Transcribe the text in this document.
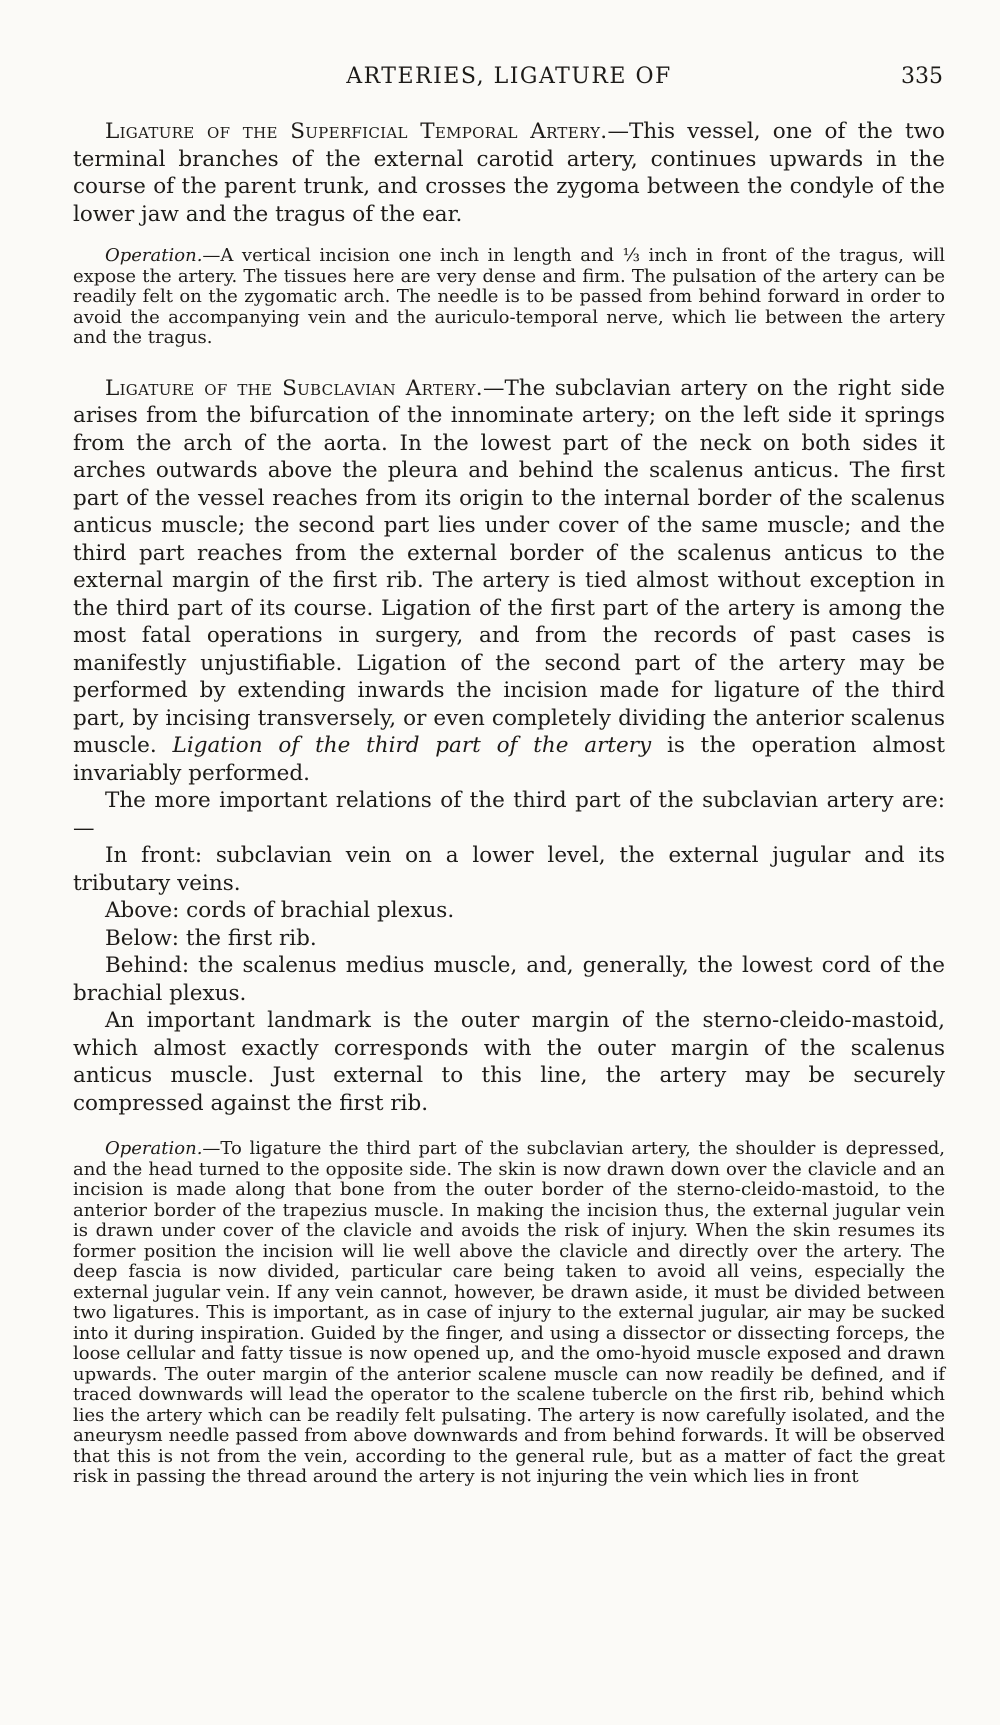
ARTERIES, LIGATURE OF	335

Ligature of the Superficial Temporal Artery.—This vessel, one of the two terminal branches of the external carotid artery, continues upwards in the course of the parent trunk, and crosses the zygoma between the condyle of the lower jaw and the tragus of the ear.

Operation.—A vertical incision one inch in length and ⅓ inch in front of the tragus, will expose the artery. The tissues here are very dense and firm. The pulsation of the artery can be readily felt on the zygomatic arch. The needle is to be passed from behind forward in order to avoid the accompanying vein and the auriculo-temporal nerve, which lie between the artery and the tragus.

Ligature of the Subclavian Artery.—The subclavian artery on the right side arises from the bifurcation of the innominate artery; on the left side it springs from the arch of the aorta. In the lowest part of the neck on both sides it arches outwards above the pleura and behind the scalenus anticus. The first part of the vessel reaches from its origin to the internal border of the scalenus anticus muscle; the second part lies under cover of the same muscle; and the third part reaches from the external border of the scalenus anticus to the external margin of the first rib. The artery is tied almost without exception in the third part of its course. Ligation of the first part of the artery is among the most fatal operations in surgery, and from the records of past cases is manifestly unjustifiable. Ligation of the second part of the artery may be performed by extending inwards the incision made for ligature of the third part, by incising transversely, or even completely dividing the anterior scalenus muscle. Ligation of the third part of the artery is the operation almost invariably performed.

The more important relations of the third part of the subclavian artery are:—

In front: subclavian vein on a lower level, the external jugular and its tributary veins.

Above: cords of brachial plexus.

Below: the first rib.

Behind: the scalenus medius muscle, and, generally, the lowest cord of the brachial plexus.

An important landmark is the outer margin of the sterno-cleido-mastoid, which almost exactly corresponds with the outer margin of the scalenus anticus muscle. Just external to this line, the artery may be securely compressed against the first rib.

Operation.—To ligature the third part of the subclavian artery, the shoulder is depressed, and the head turned to the opposite side. The skin is now drawn down over the clavicle and an incision is made along that bone from the outer border of the sterno-cleido-mastoid, to the anterior border of the trapezius muscle. In making the incision thus, the external jugular vein is drawn under cover of the clavicle and avoids the risk of injury. When the skin resumes its former position the incision will lie well above the clavicle and directly over the artery. The deep fascia is now divided, particular care being taken to avoid all veins, especially the external jugular vein. If any vein cannot, however, be drawn aside, it must be divided between two ligatures. This is important, as in case of injury to the external jugular, air may be sucked into it during inspiration. Guided by the finger, and using a dissector or dissecting forceps, the loose cellular and fatty tissue is now opened up, and the omo-hyoid muscle exposed and drawn upwards. The outer margin of the anterior scalene muscle can now readily be defined, and if traced downwards will lead the operator to the scalene tubercle on the first rib, behind which lies the artery which can be readily felt pulsating. The artery is now carefully isolated, and the aneurysm needle passed from above downwards and from behind forwards. It will be observed that this is not from the vein, according to the general rule, but as a matter of fact the great risk in passing the thread around the artery is not injuring the vein which lies in front
